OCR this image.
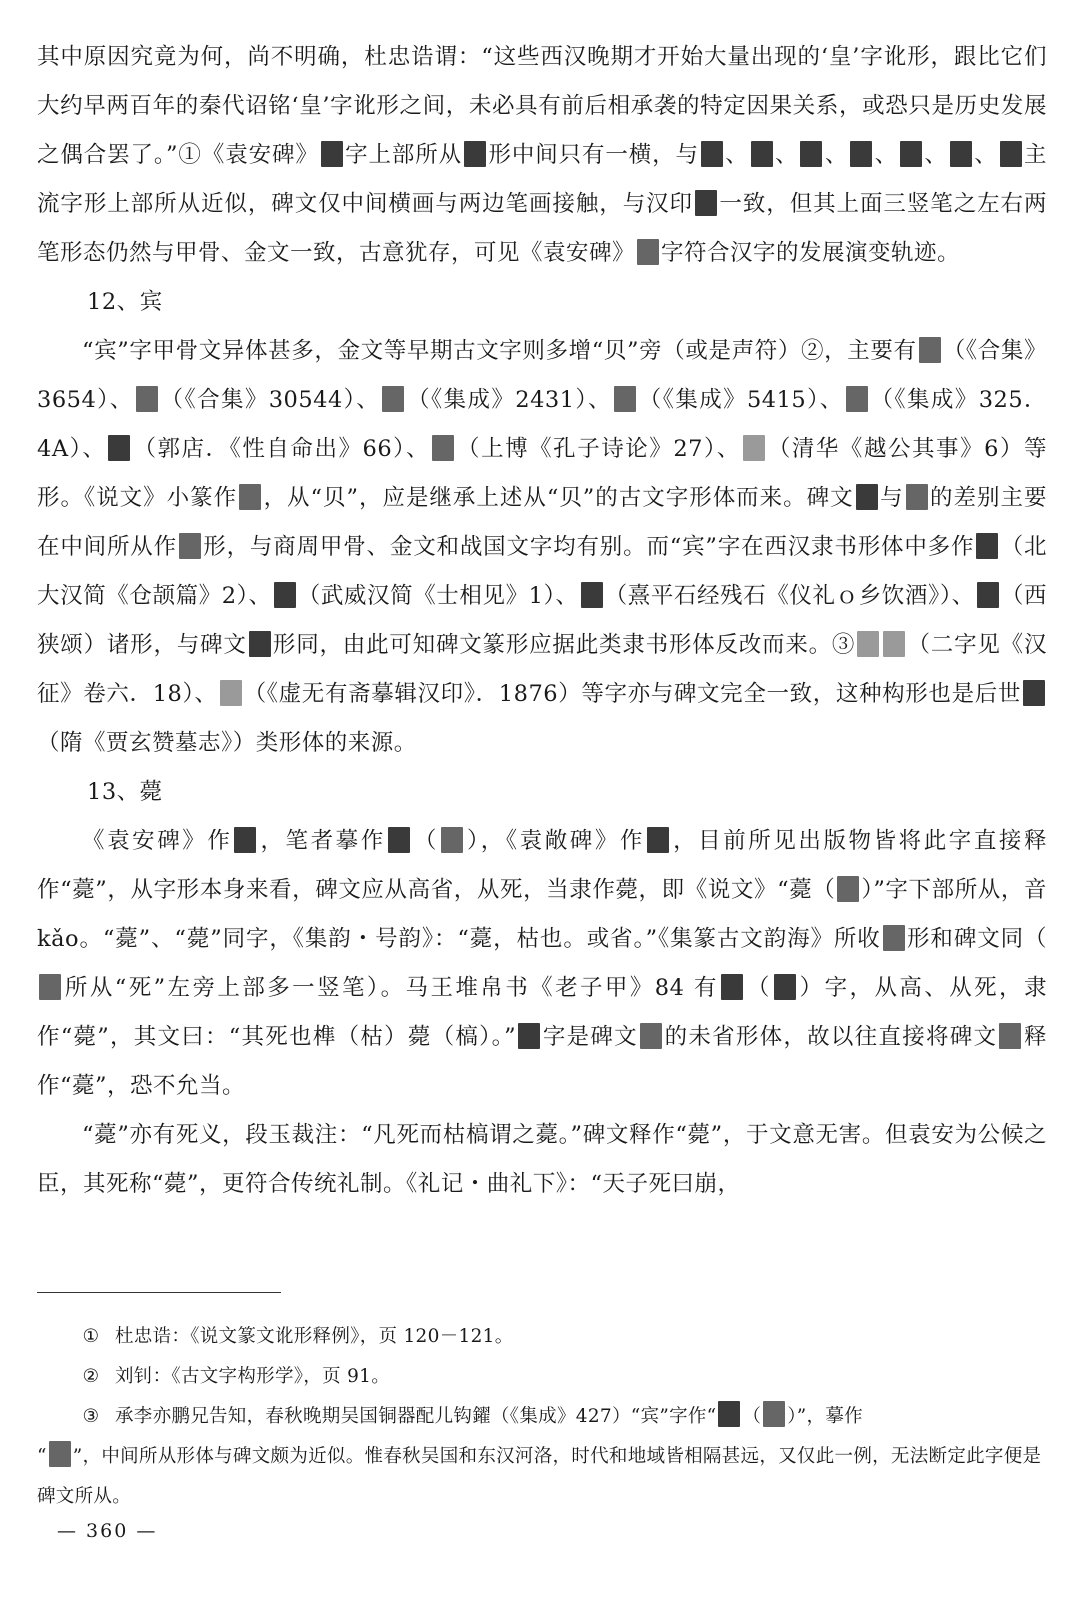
其中原因究竟为何，尚不明确，杜忠诰谓：“这些西汉晚期才开始大量出现的‘皇’字讹形，跟比它们大约早两百年的秦代诏铭‘皇’字讹形之间，未必具有前后相承袭的特定因果关系，或恐只是历史发展之偶合罢了。”①《袁安碑》 字上部所从 形中间只有一横，与 、 、 、 、 、 、 主流字形上部所从近似，碑文仅中间横画与两边笔画接触，与汉印 一致，但其上面三竖笔之左右两笔形态仍然与甲骨、金文一致，古意犹存，可见《袁安碑》 字符合汉字的发展演变轨迹。

12、宾

“宾”字甲骨文异体甚多，金文等早期古文字则多增“贝”旁（或是声符）②，主要有 （《合集》3654）、 （《合集》30544）、 （《集成》2431）、 （《集成》5415）、 （《集成》325．4A）、 （郭店．《性自命出》66）、 （上博《孔子诗论》27）、 （清华《越公其事》6）等形。《说文》小篆作 ，从“贝”，应是继承上述从“贝”的古文字形体而来。碑文 与 的差别主要在中间所从作 形，与商周甲骨、金文和战国文字均有别。而“宾”字在西汉隶书形体中多作 （北大汉简《仓颉篇》2）、 （武威汉简《士相见》1）、 （熹平石经残石《仪礼ｏ乡饮酒》）、 （西狭颂）诸形，与碑文 形同，由此可知碑文篆形应据此类隶书形体反改而来。③ （二字见《汉征》卷六．18）、 （《虚无有斋摹辑汉印》．1876）等字亦与碑文完全一致，这种构形也是后世（隋《贾玄赞墓志》）类形体的来源。

13、薨

《袁安碑》作 ，笔者摹作 （ ），《袁敞碑》作 ，目前所见出版物皆将此字直接释作“薧”，从字形本身来看，碑文应从高省，从死，当隶作薨，即《说文》“薧（ ）”字下部所从，音 kǎo。“薧”、“薨”同字，《集韵・号韵》：“薧，枯也。或省。”《集篆古文韵海》所收 形和碑文同（所从“死”左旁上部多一竖笔）。马王堆帛书《老子甲》84 有 （ ）字，从高、从死，隶作“薨”，其文曰：“其死也榫（枯）薨（槁）。” 字是碑文 的未省形体，故以往直接将碑文 释作“薧”，恐不允当。

“薧”亦有死义，段玉裁注：“凡死而枯槁谓之薧。”碑文释作“薨”，于文意无害。但袁安为公候之臣，其死称“薨”，更符合传统礼制。《礼记・曲礼下》：“天子死曰崩，

① 杜忠诰：《说文篆文讹形释例》，页 120－121。

② 刘钊：《古文字构形学》，页 91。

③ 承李亦鹏兄告知，春秋晚期吴国铜器配儿钩鑃（《集成》427）“宾”字作“ （ ）”，摹作
“ ”，中间所从形体与碑文颇为近似。惟春秋吴国和东汉河洛，时代和地域皆相隔甚远，又仅此一例，无法断定此字便是碑文所从。

— 360 —
